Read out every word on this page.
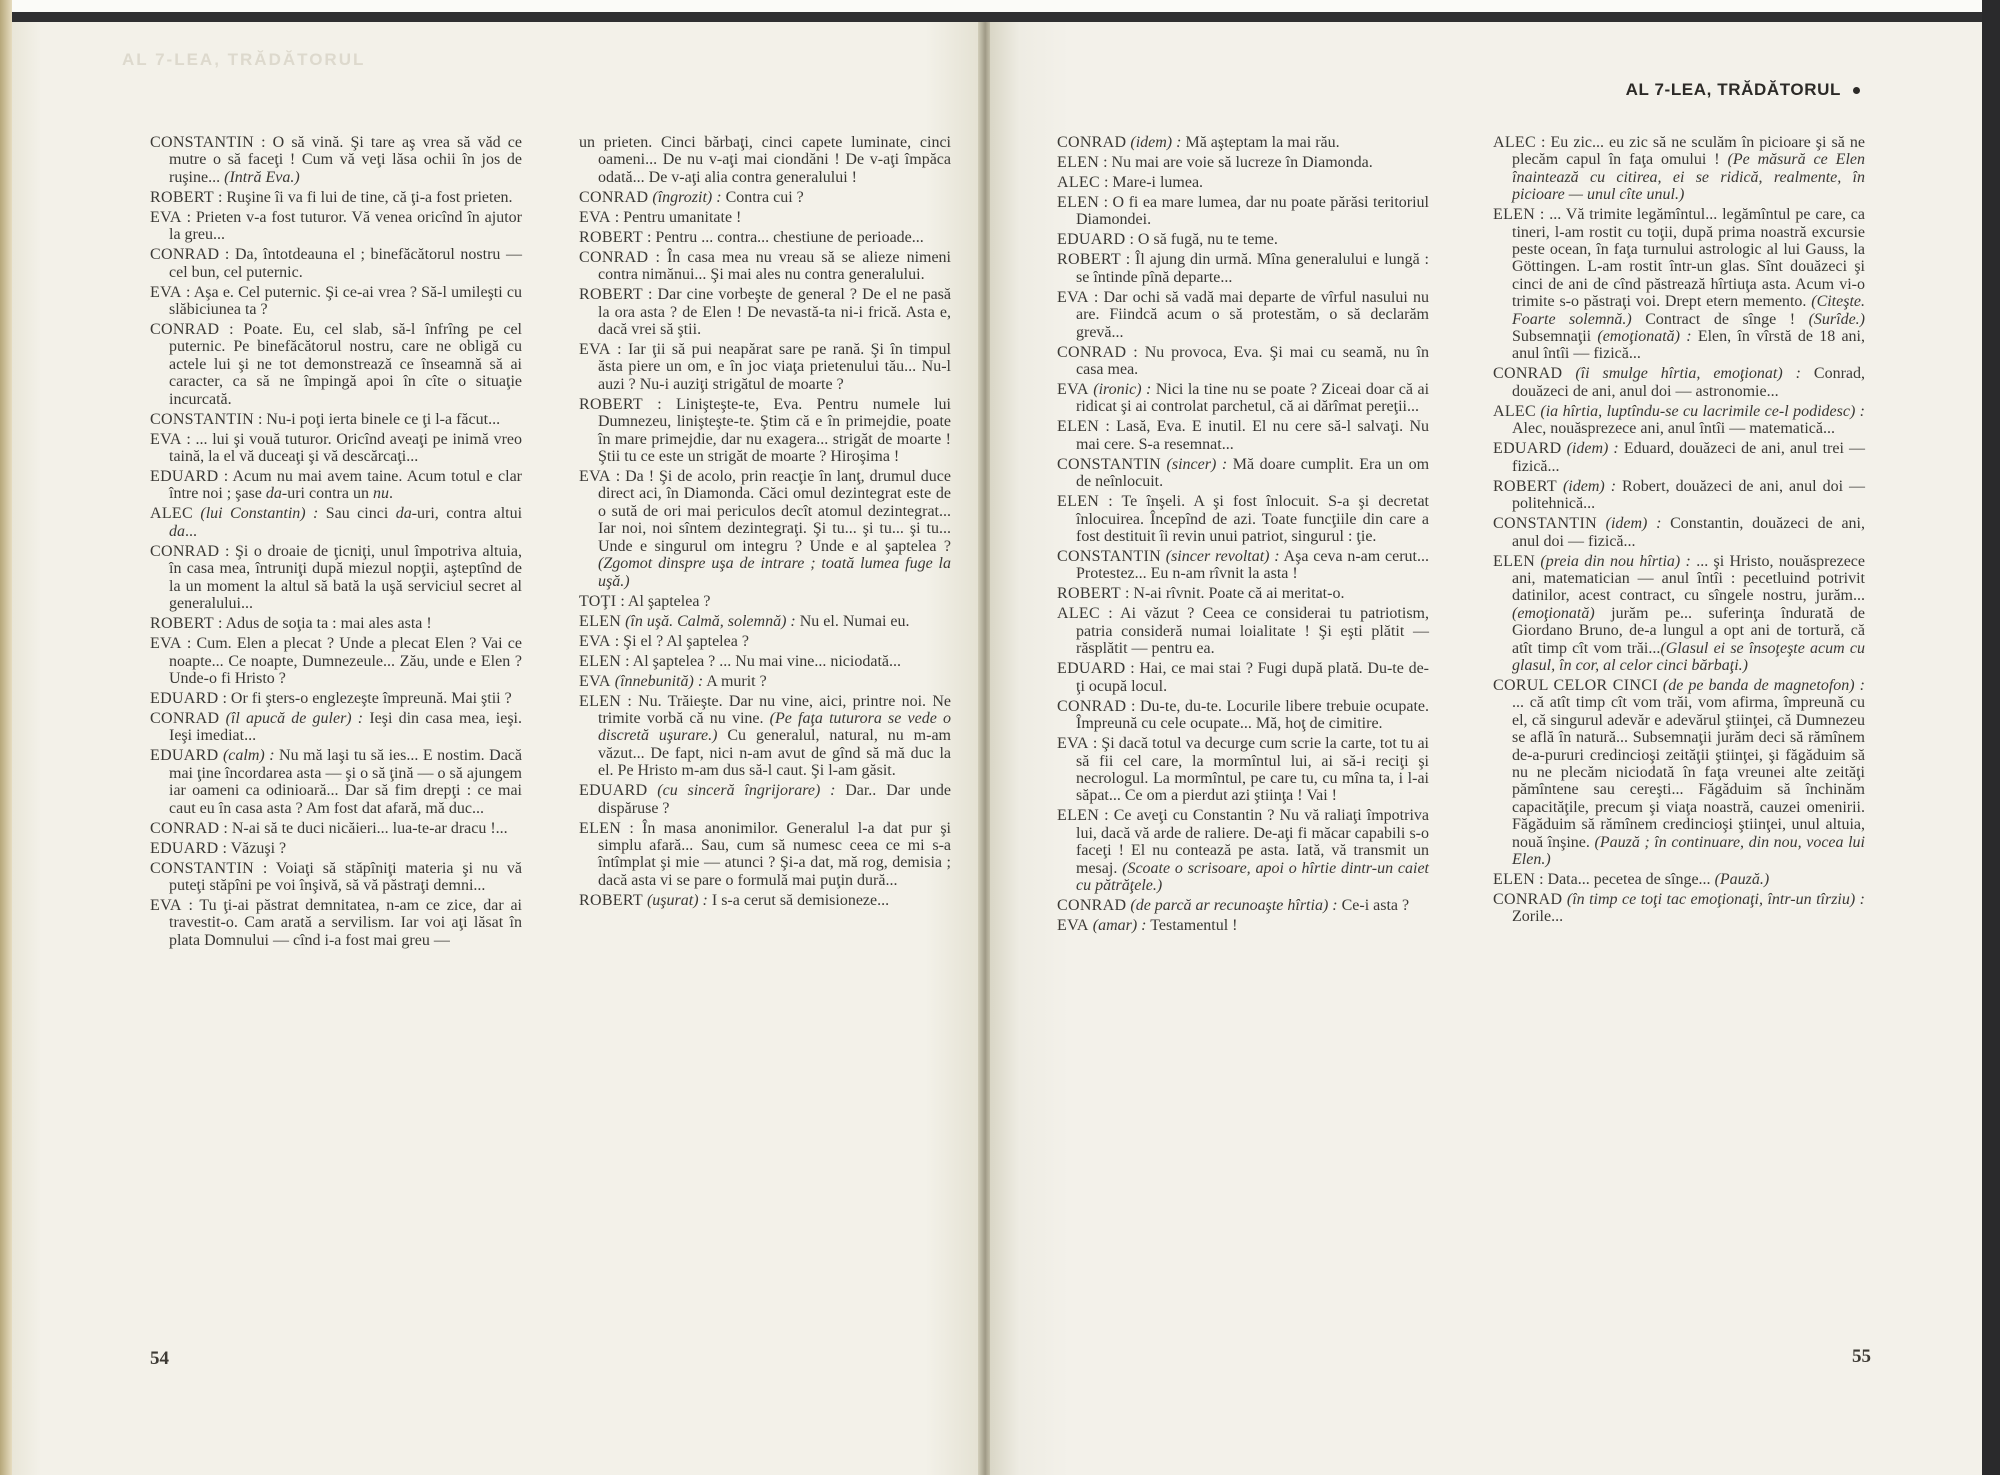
AL 7-LEA, TRĂDĂTORUL
CONSTANTIN : O să vină. Şi tare aş vrea să văd ce mutre o să faceţi ! Cum vă veţi lăsa ochii în jos de ruşine... (Intră Eva.)
ROBERT : Ruşine îi va fi lui de tine, că ţi-a fost prieten.
EVA : Prieten v-a fost tuturor. Vă venea oricînd în ajutor la greu...
CONRAD : Da, întotdeauna el ; binefăcătorul nostru — cel bun, cel puternic.
EVA : Aşa e. Cel puternic. Şi ce-ai vrea ? Să-l umileşti cu slăbiciunea ta ?
CONRAD : Poate. Eu, cel slab, să-l înfrîng pe cel puternic. Pe binefăcătorul nostru, care ne obligă cu actele lui şi ne tot demonstrează ce înseamnă să ai caracter, ca să ne împingă apoi în cîte o situaţie incurcată.
CONSTANTIN : Nu-i poţi ierta binele ce ţi l-a făcut...
EVA : ... lui şi vouă tuturor. Oricînd aveaţi pe inimă vreo taină, la el vă duceaţi şi vă descărcaţi...
EDUARD : Acum nu mai avem taine. Acum totul e clar între noi ; şase da-uri contra un nu.
ALEC (lui Constantin) : Sau cinci da-uri, contra altui da...
CONRAD : Şi o droaie de ţicniţi, unul împotriva altuia, în casa mea, întruniţi după miezul nopţii, aşteptînd de la un moment la altul să bată la uşă serviciul secret al generalului...
ROBERT : Adus de soţia ta : mai ales asta !
EVA : Cum. Elen a plecat ? Unde a plecat Elen ? Vai ce noapte... Ce noapte, Dumnezeule... Zău, unde e Elen ? Unde-o fi Hristo ?
EDUARD : Or fi şters-o englezeşte împreună. Mai ştii ?
CONRAD (îl apucă de guler) : Ieşi din casa mea, ieşi. Ieşi imediat...
EDUARD (calm) : Nu mă laşi tu să ies... E nostim. Dacă mai ţine încordarea asta — şi o să ţină — o să ajungem iar oameni ca odinioară... Dar să fim drepţi : ce mai caut eu în casa asta ? Am fost dat afară, mă duc...
CONRAD : N-ai să te duci nicăieri... lua-te-ar dracu !...
EDUARD : Văzuşi ?
CONSTANTIN : Voiaţi să stăpîniţi materia şi nu vă puteţi stăpîni pe voi înşivă, să vă păstraţi demni...
EVA : Tu ţi-ai păstrat demnitatea, n-am ce zice, dar ai travestit-o. Cam arată a servilism. Iar voi aţi lăsat în plata Domnului — cînd i-a fost mai greu —
un prieten. Cinci bărbaţi, cinci capete luminate, cinci oameni... De nu v-aţi mai ciondăni ! De v-aţi împăca odată... De v-aţi alia contra generalului !
CONRAD (îngrozit) : Contra cui ?
EVA : Pentru umanitate !
ROBERT : Pentru ... contra... chestiune de perioade...
CONRAD : În casa mea nu vreau să se alieze nimeni contra nimănui... Şi mai ales nu contra generalului.
ROBERT : Dar cine vorbeşte de general ? De el ne pasă la ora asta ? de Elen ! De nevastă-ta ni-i frică. Asta e, dacă vrei să ştii.
EVA : Iar ţii să pui neapărat sare pe rană. Şi în timpul ăsta piere un om, e în joc viaţa prietenului tău... Nu-l auzi ? Nu-i auziţi strigătul de moarte ?
ROBERT : Linişteşte-te, Eva. Pentru numele lui Dumnezeu, linişteşte-te. Ştim că e în primejdie, poate în mare primejdie, dar nu exagera... strigăt de moarte ! Ştii tu ce este un strigăt de moarte ? Hiroşima !
EVA : Da ! Şi de acolo, prin reacţie în lanţ, drumul duce direct aci, în Diamonda. Căci omul dezintegrat este de o sută de ori mai periculos decît atomul dezintegrat... Iar noi, noi sîntem dezintegraţi. Şi tu... şi tu... şi tu... Unde e singurul om integru ? Unde e al şaptelea ? (Zgomot dinspre uşa de intrare ; toată lumea fuge la uşă.)
TOŢI : Al şaptelea ?
ELEN (în uşă. Calmă, solemnă) : Nu el. Numai eu.
EVA : Şi el ? Al şaptelea ?
ELEN : Al şaptelea ? ... Nu mai vine... niciodată...
EVA (înnebunită) : A murit ?
ELEN : Nu. Trăieşte. Dar nu vine, aici, printre noi. Ne trimite vorbă că nu vine. (Pe faţa tuturora se vede o discretă uşurare.) Cu generalul, natural, nu m-am văzut... De fapt, nici n-am avut de gînd să mă duc la el. Pe Hristo m-am dus să-l caut. Şi l-am găsit.
EDUARD (cu sinceră îngrijorare) : Dar.. Dar unde dispăruse ?
ELEN : În masa anonimilor. Generalul l-a dat pur şi simplu afară... Sau, cum să numesc ceea ce mi s-a întîmplat şi mie — atunci ? Şi-a dat, mă rog, demisia ; dacă asta vi se pare o formulă mai puţin dură...
ROBERT (uşurat) : I s-a cerut să demisioneze...
54
AL 7-LEA, TRĂDĂTORUL
CONRAD (idem) : Mă aşteptam la mai rău.
ELEN : Nu mai are voie să lucreze în Diamonda.
ALEC : Mare-i lumea.
ELEN : O fi ea mare lumea, dar nu poate părăsi teritoriul Diamondei.
EDUARD : O să fugă, nu te teme.
ROBERT : Îl ajung din urmă. Mîna generalului e lungă : se întinde pînă departe...
EVA : Dar ochi să vadă mai departe de vîrful nasului nu are. Fiindcă acum o să protestăm, o să declarăm grevă...
CONRAD : Nu provoca, Eva. Şi mai cu seamă, nu în casa mea.
EVA (ironic) : Nici la tine nu se poate ? Ziceai doar că ai ridicat şi ai controlat parchetul, că ai dărîmat pereţii...
ELEN : Lasă, Eva. E inutil. El nu cere să-l salvaţi. Nu mai cere. S-a resemnat...
CONSTANTIN (sincer) : Mă doare cumplit. Era un om de neînlocuit.
ELEN : Te înşeli. A şi fost înlocuit. S-a şi decretat înlocuirea. Începînd de azi. Toate funcţiile din care a fost destituit îi revin unui patriot, singurul : ţie.
CONSTANTIN (sincer revoltat) : Aşa ceva n-am cerut... Protestez... Eu n-am rîvnit la asta !
ROBERT : N-ai rîvnit. Poate că ai meritat-o.
ALEC : Ai văzut ? Ceea ce considerai tu patriotism, patria consideră numai loialitate ! Şi eşti plătit — răsplătit — pentru ea.
EDUARD : Hai, ce mai stai ? Fugi după plată. Du-te de-ţi ocupă locul.
CONRAD : Du-te, du-te. Locurile libere trebuie ocupate. Împreună cu cele ocupate... Mă, hoţ de cimitire.
EVA : Şi dacă totul va decurge cum scrie la carte, tot tu ai să fii cel care, la mormîntul lui, ai să-i reciţi şi necrologul. La mormîntul, pe care tu, cu mîna ta, i l-ai săpat... Ce om a pierdut azi ştiinţa ! Vai !
ELEN : Ce aveţi cu Constantin ? Nu vă raliaţi împotriva lui, dacă vă arde de raliere. De-aţi fi măcar capabili s-o faceţi ! El nu contează pe asta. Iată, vă transmit un mesaj. (Scoate o scrisoare, apoi o hîrtie dintr-un caiet cu pătrăţele.)
CONRAD (de parcă ar recunoaşte hîrtia) : Ce-i asta ?
EVA (amar) : Testamentul !
ALEC : Eu zic... eu zic să ne sculăm în picioare şi să ne plecăm capul în faţa omului ! (Pe măsură ce Elen înaintează cu citirea, ei se ridică, realmente, în picioare — unul cîte unul.)
ELEN : ... Vă trimite legămîntul... legămîntul pe care, ca tineri, l-am rostit cu toţii, după prima noastră excursie peste ocean, în faţa turnului astrologic al lui Gauss, la Göttingen. L-am rostit într-un glas. Sînt douăzeci şi cinci de ani de cînd păstrează hîrtiuţa asta. Acum vi-o trimite s-o păstraţi voi. Drept etern memento. (Citeşte. Foarte solemnă.) Contract de sînge ! (Surîde.) Subsemnaţii (emoţionată) : Elen, în vîrstă de 18 ani, anul întîi — fizică...
CONRAD (îi smulge hîrtia, emoţionat) : Conrad, douăzeci de ani, anul doi — astronomie...
ALEC (ia hîrtia, luptîndu-se cu lacrimile ce-l podidesc) : Alec, nouăsprezece ani, anul întîi — matematică...
EDUARD (idem) : Eduard, douăzeci de ani, anul trei — fizică...
ROBERT (idem) : Robert, douăzeci de ani, anul doi — politehnică...
CONSTANTIN (idem) : Constantin, douăzeci de ani, anul doi — fizică...
ELEN (preia din nou hîrtia) : ... şi Hristo, nouăsprezece ani, matematician — anul întîi : pecetluind potrivit datinilor, acest contract, cu sîngele nostru, jurăm... (emoţionată) jurăm pe... suferinţa îndurată de Giordano Bruno, de-a lungul a opt ani de tortură, că atît timp cît vom trăi...(Glasul ei se însoţeşte acum cu glasul, în cor, al celor cinci bărbaţi.)
CORUL CELOR CINCI (de pe banda de magnetofon) : ... că atît timp cît vom trăi, vom afirma, împreună cu el, că singurul adevăr e adevărul ştiinţei, că Dumnezeu se află în natură... Subsemnaţii jurăm deci să rămînem de-a-pururi credincioşi zeităţii ştiinţei, şi făgăduim să nu ne plecăm niciodată în faţa vreunei alte zeităţi pămîntene sau cereşti... Făgăduim să închinăm capacităţile, precum şi viaţa noastră, cauzei omenirii. Făgăduim să rămînem credincioşi ştiinţei, unul altuia, nouă înşine. (Pauză ; în continuare, din nou, vocea lui Elen.)
ELEN : Data... pecetea de sînge... (Pauză.)
CONRAD (în timp ce toţi tac emoţionaţi, într-un tîrziu) : Zorile...
55
